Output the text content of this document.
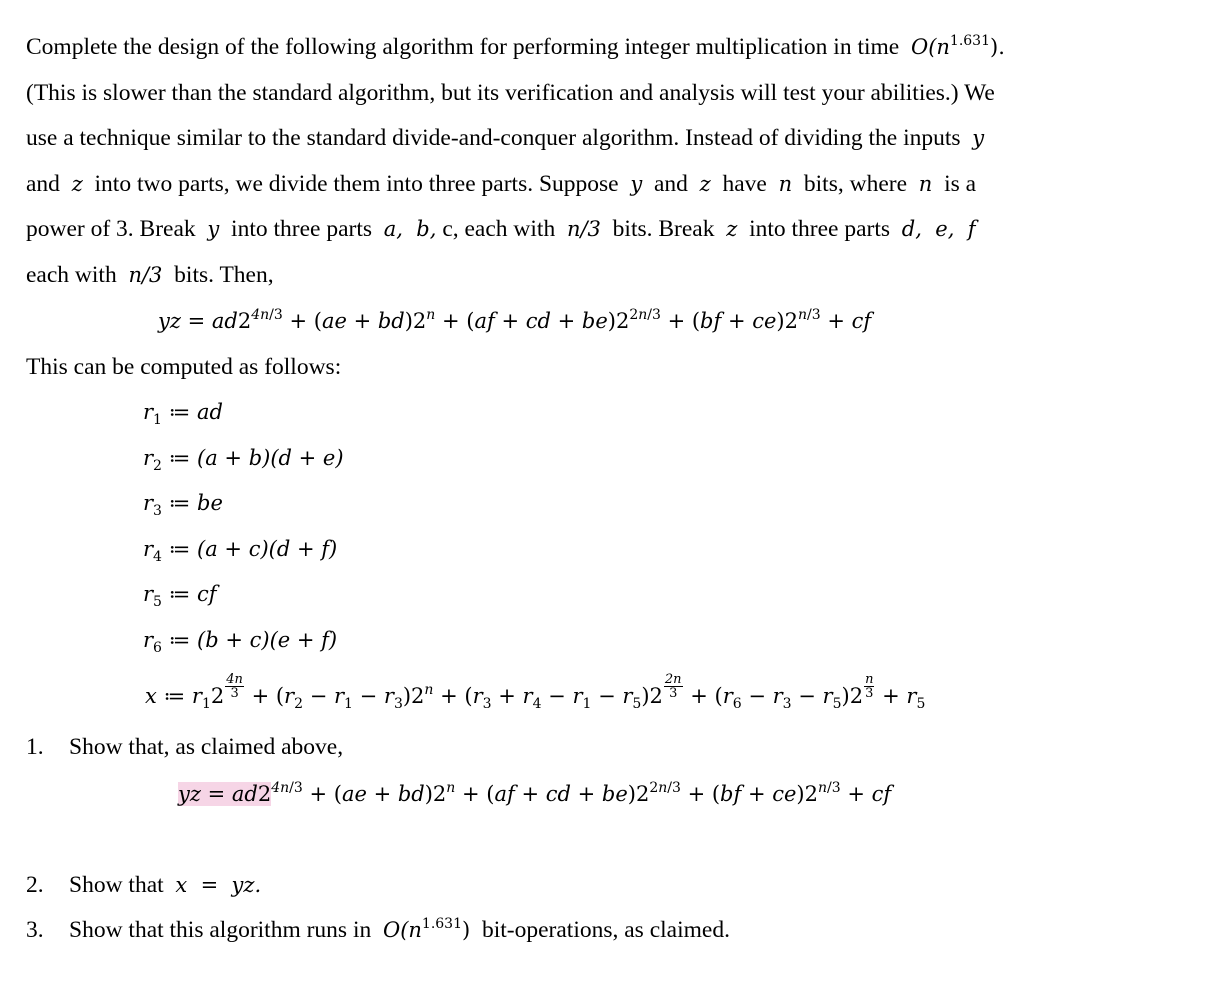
Complete the design of the following algorithm for performing integer multiplication in time $O(n^{1.631})$.
(This is slower than the standard algorithm, but its verification and analysis will test your abilities.) We
use a technique similar to the standard divide-and-conquer algorithm. Instead of dividing the inputs y
and z into two parts, we divide them into three parts. Suppose y and z have n bits, where n is a
power of 3. Break y into three parts a,  b, c, each with n/3 bits. Break z into three parts d,  e,  f
each with n/3 bits. Then,
yz = $ad2^{4n/3} + (ae + bd)2^n + (af$ + cd + $be)2^{2n/3} + (bf + ce)2^{n/3}$ + cf
This can be computed as follows:
$r_1$ ≔ ad
$r_2$ ≔ (a + b)(d + e)
$r_3$ ≔ be
$r_4$ ≔ (a + c)(d + f)
$r_5$ ≔ cf
$r_6$ ≔ (b + c)(e + f)
x ≔ $r_12 \frac{4n}{3} + (r_2 - r_1 - r_3)2^n + (r_3 + r_4 - r_1 - r_5)2 \frac{2n}{3} + (r_6 - r_3 - r_5)2 \frac{n}{3} + r_5$
1. Show that, as claimed above,
yz = $ad2^{4n/3} + (ae + bd)2^n + (af$ + cd + $be)2^{2n/3} + (bf + ce)2^{n/3}$ + cf
2. Show that x  =  yz.
3. Show that this algorithm runs in $O(n^{1.631})$ bit-operations, as claimed.
